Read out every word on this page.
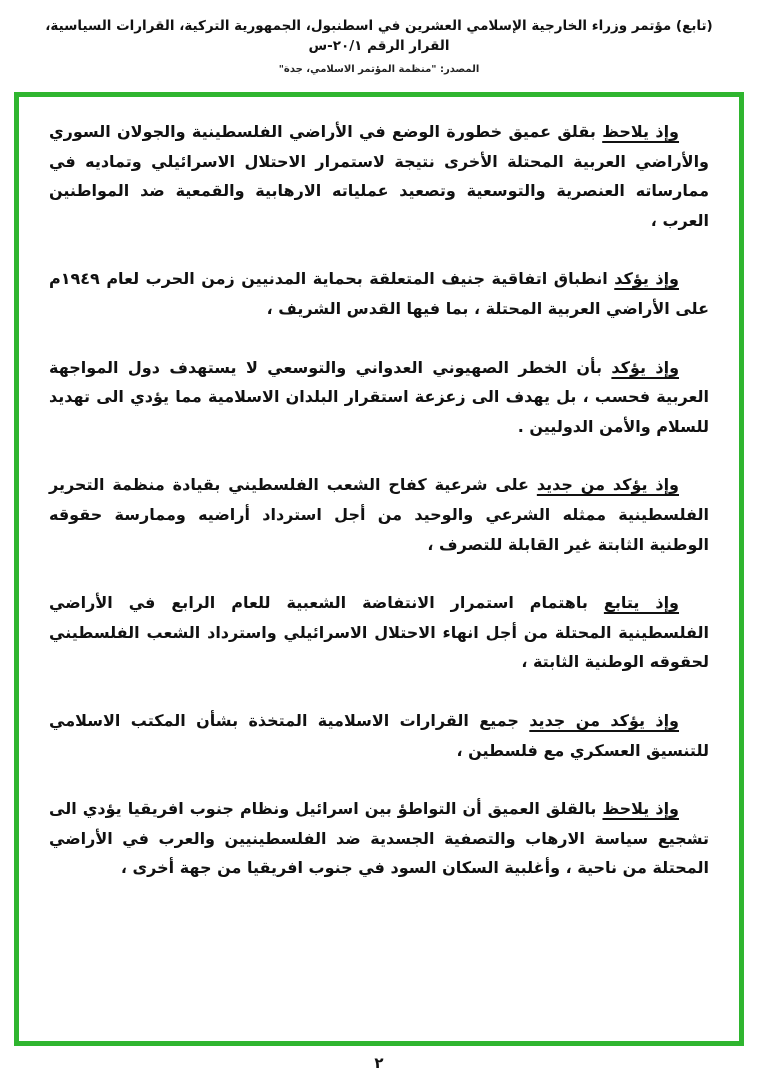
(تابع) مؤتمر وزراء الخارجية الإسلامي العشرين في اسطنبول، الجمهورية التركية، القرارات السياسية، القرار الرقم ٢٠/١-س
المصدر: "منظمة المؤتمر الاسلامي، جدة"

وإذ يلاحظ بقلق عميق خطورة الوضع في الأراضي الفلسطينية والجولان السوري والأراضي العربية المحتلة الأخرى نتيجة لاستمرار الاحتلال الاسرائيلي وتماديه في ممارساته العنصرية والتوسعية وتصعيد عملياته الارهابية والقمعية ضد المواطنين العرب ،

وإذ يؤكد انطباق اتفاقية جنيف المتعلقة بحماية المدنيين زمن الحرب لعام ١٩٤٩م على الأراضي العربية المحتلة ، بما فيها القدس الشريف ،

وإذ يؤكد بأن الخطر الصهيوني العدواني والتوسعي لا يستهدف دول المواجهة العربية فحسب ، بل يهدف الى زعزعة استقرار البلدان الاسلامية مما يؤدي الى تهديد للسلام والأمن الدوليين .

وإذ يؤكد من جديد على شرعية كفاح الشعب الفلسطيني بقيادة منظمة التحرير الفلسطينية ممثله الشرعي والوحيد من أجل استرداد أراضيه وممارسة حقوقه الوطنية الثابتة غير القابلة للتصرف ،

وإذ يتابع باهتمام استمرار الانتفاضة الشعبية للعام الرابع في الأراضي الفلسطينية المحتلة من أجل انهاء الاحتلال الاسرائيلي واسترداد الشعب الفلسطيني لحقوقه الوطنية الثابتة ،

وإذ يؤكد من جديد جميع القرارات الاسلامية المتخذة بشأن المكتب الاسلامي للتنسيق العسكري مع فلسطين ،

وإذ يلاحظ بالقلق العميق أن التواطؤ بين اسرائيل ونظام جنوب افريقيا يؤدي الى تشجيع سياسة الارهاب والتصفية الجسدية ضد الفلسطينيين والعرب في الأراضي المحتلة من ناحية ، وأغلبية السكان السود في جنوب افريقيا من جهة أخرى ،

٢
